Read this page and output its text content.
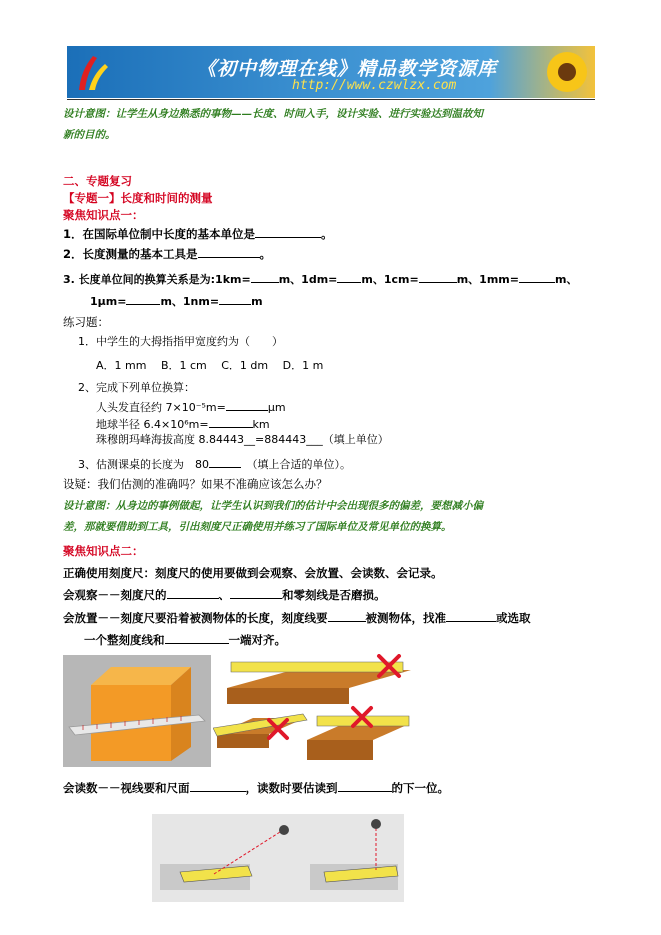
《初中物理在线》精品教学资源库
http://www.czwlzx.com
设计意图：让学生从身边熟悉的事物——长度、时间入手，设计实验、进行实验达到温故知
新的目的。
二、专题复习
【专题一】长度和时间的测量
聚焦知识点一：
1．在国际单位制中长度的基本单位是	。
2．长度测量的基本工具是	。
3. 长度单位间的换算关系是为:1km=	m、1dm= m、1cm=	m、1mm=	m、
1μm=	m、1nm=	m
练习题：
1．中学生的大拇指指甲宽度约为（　　）
A．1 mm　 B．1 cm　 C．1 dm　 D．1 m
2、完成下列单位换算：
人头发直径约 7×10⁻⁵m=	μm
地球半径 6.4×10⁶m=	km
珠穆朗玛峰海拔高度 8.84443__=884443___（填上单位）
3、估测课桌的长度为　80	　（填上合适的单位）。
设疑：我们估测的准确吗？如果不准确应该怎么办？
设计意图：从身边的事例做起，让学生认识到我们的估计中会出现很多的偏差，要想减小偏
差，那就要借助到工具，引出刻度尺正确使用并练习了国际单位及常见单位的换算。
聚焦知识点二：
正确使用刻度尺：刻度尺的使用要做到会观察、会放置、会读数、会记录。
会观察－－刻度尺的	、	和零刻线是否磨损。
会放置－－刻度尺要沿着被测物体的长度，刻度线要	被测物体，找准	或选取
一个整刻度线和	一端对齐。
会读数－－视线要和尺面	，读数时要估读到	的下一位。
